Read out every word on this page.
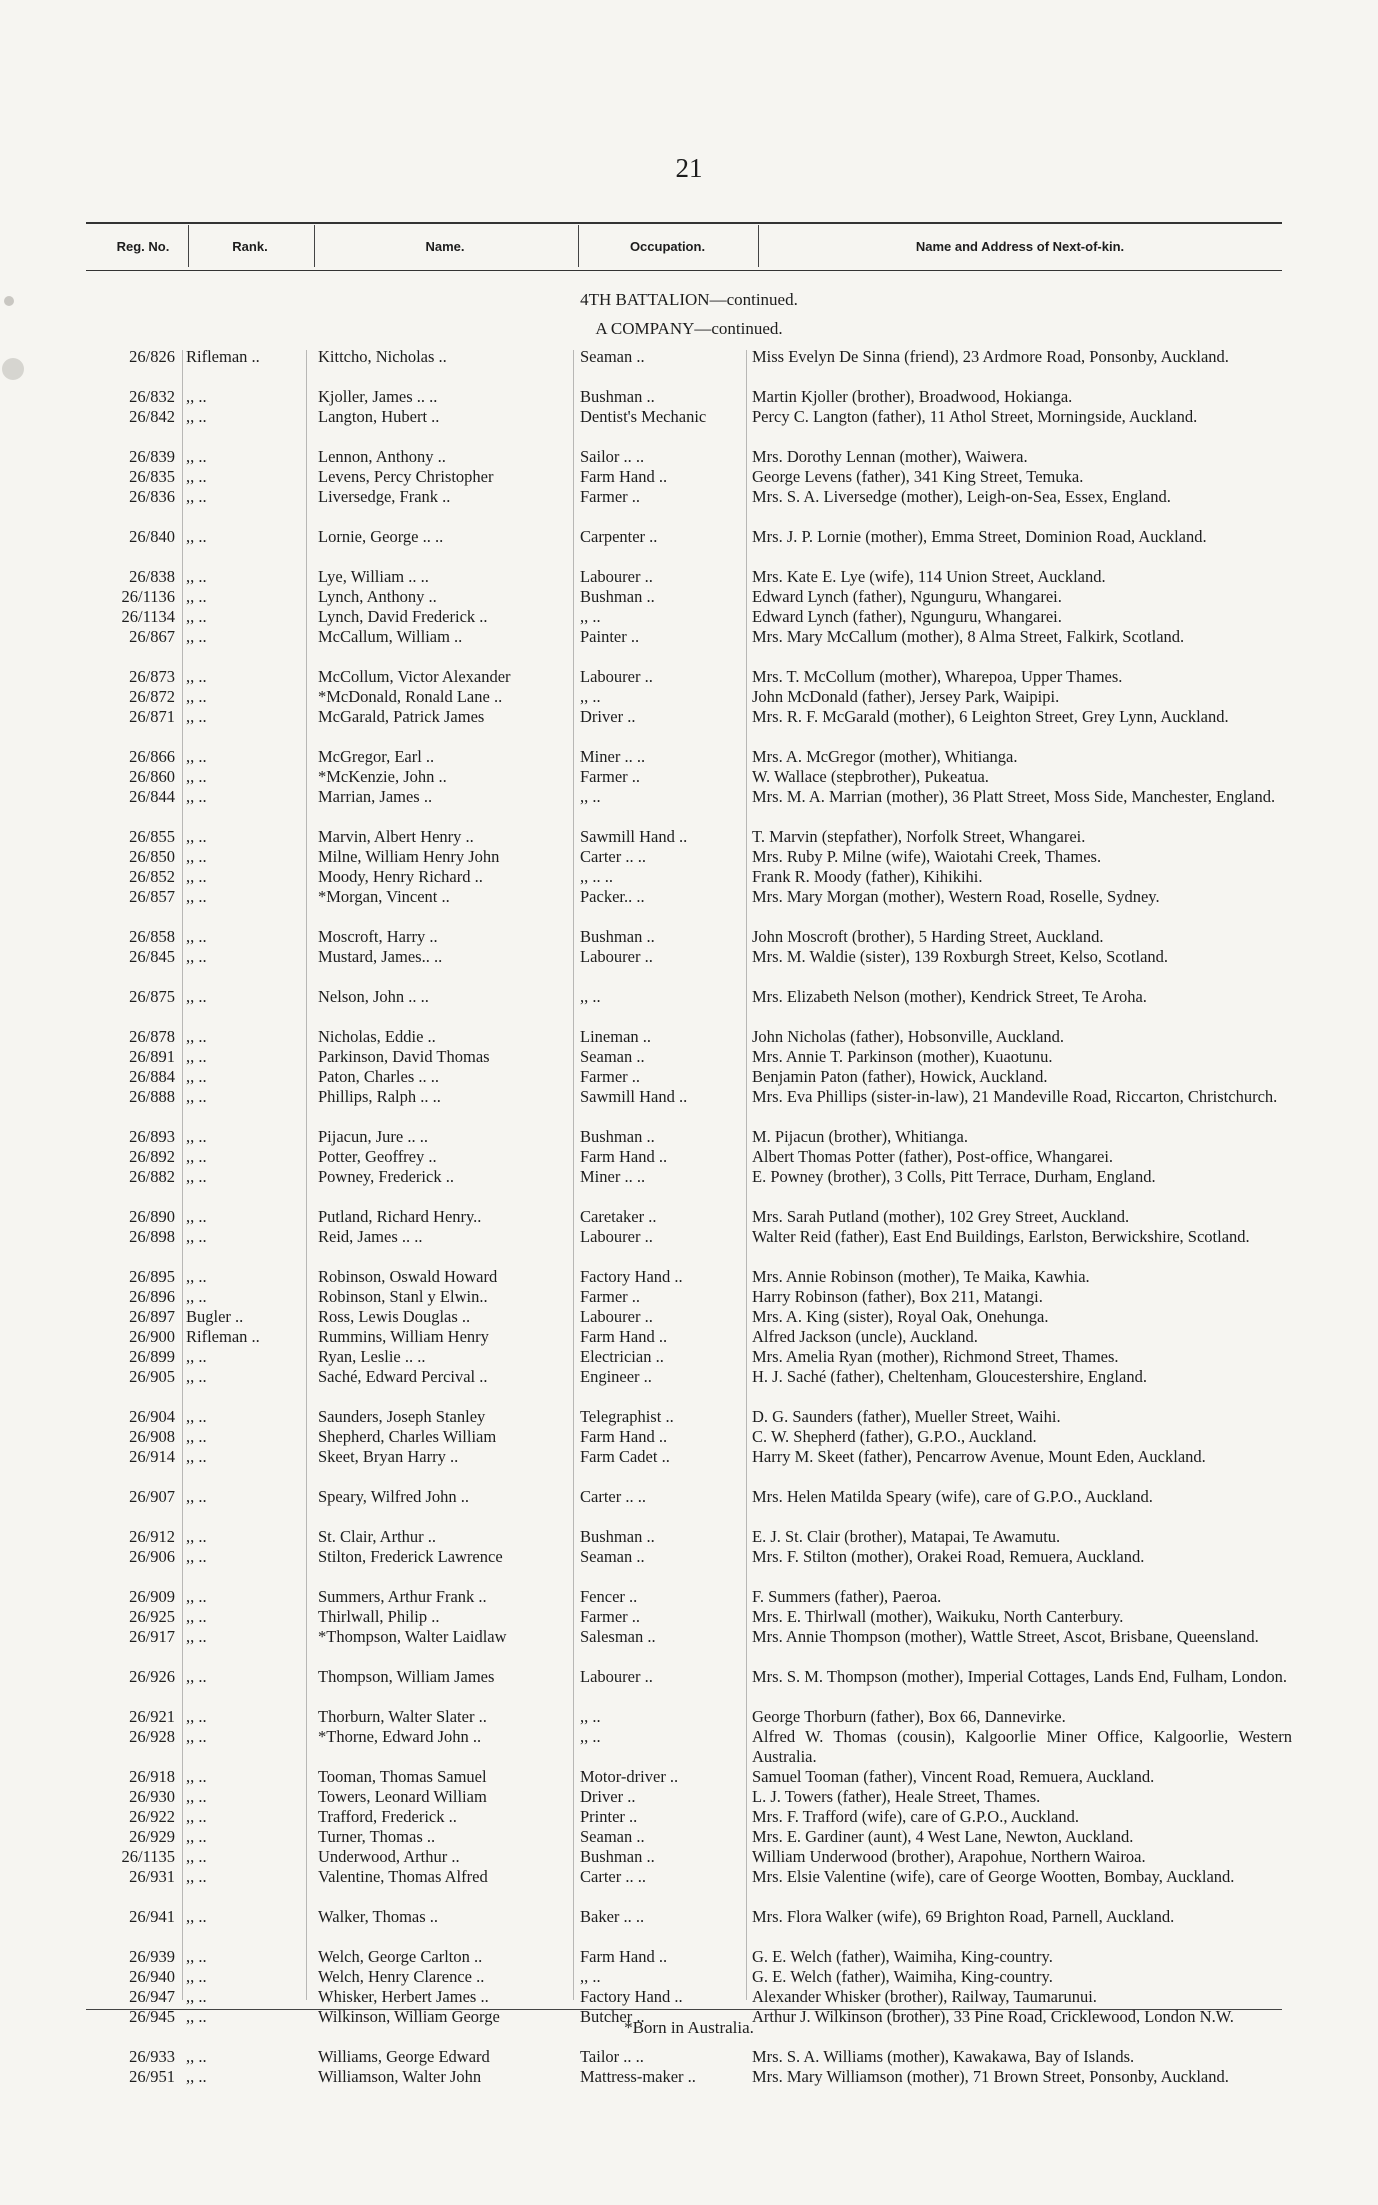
21
Reg. No.	Rank.	Name.	Occupation.	Name and Address of Next-of-kin.
4TH BATTALION—continued.
A COMPANY—continued.
26/826 Rifleman ..	Kittcho, Nicholas ..	Seaman ..	Miss Evelyn De Sinna (friend), 23 Ardmore Road, Ponsonby, Auckland.
26/832 ,, ..	Kjoller, James .. ..	Bushman ..	Martin Kjoller (brother), Broadwood, Hokianga.
26/842 ,, ..	Langton, Hubert ..	Dentist's Mechanic	Percy C. Langton (father), 11 Athol Street, Morningside, Auckland.
26/839 ,, ..	Lennon, Anthony ..	Sailor .. ..	Mrs. Dorothy Lennan (mother), Waiwera.
26/835 ,, ..	Levens, Percy Christopher	Farm Hand ..	George Levens (father), 341 King Street, Temuka.
26/836 ,, ..	Liversedge, Frank ..	Farmer ..	Mrs. S. A. Liversedge (mother), Leigh-on-Sea, Essex, England.
26/840 ,, ..	Lornie, George .. ..	Carpenter ..	Mrs. J. P. Lornie (mother), Emma Street, Dominion Road, Auckland.
26/838 ,, ..	Lye, William .. ..	Labourer ..	Mrs. Kate E. Lye (wife), 114 Union Street, Auckland.
26/1136 ,, ..	Lynch, Anthony ..	Bushman ..	Edward Lynch (father), Ngunguru, Whangarei.
26/1134 ,, ..	Lynch, David Frederick ..	,, ..	Edward Lynch (father), Ngunguru, Whangarei.
26/867 ,, ..	McCallum, William ..	Painter ..	Mrs. Mary McCallum (mother), 8 Alma Street, Falkirk, Scotland.
26/873 ,, ..	McCollum, Victor Alexander	Labourer ..	Mrs. T. McCollum (mother), Wharepoa, Upper Thames.
26/872 ,, ..	*McDonald, Ronald Lane ..	,, ..	John McDonald (father), Jersey Park, Waipipi.
26/871 ,, ..	McGarald, Patrick James	Driver ..	Mrs. R. F. McGarald (mother), 6 Leighton Street, Grey Lynn, Auckland.
26/866 ,, ..	McGregor, Earl ..	Miner .. ..	Mrs. A. McGregor (mother), Whitianga.
26/860 ,, ..	*McKenzie, John ..	Farmer ..	W. Wallace (stepbrother), Pukeatua.
26/844 ,, ..	Marrian, James ..	,, ..	Mrs. M. A. Marrian (mother), 36 Platt Street, Moss Side, Manchester, England.
26/855 ,, ..	Marvin, Albert Henry ..	Sawmill Hand ..	T. Marvin (stepfather), Norfolk Street, Whangarei.
26/850 ,, ..	Milne, William Henry John	Carter .. ..	Mrs. Ruby P. Milne (wife), Waiotahi Creek, Thames.
26/852 ,, ..	Moody, Henry Richard ..	,, .. ..	Frank R. Moody (father), Kihikihi.
26/857 ,, ..	*Morgan, Vincent ..	Packer.. ..	Mrs. Mary Morgan (mother), Western Road, Roselle, Sydney.
26/858 ,, ..	Moscroft, Harry ..	Bushman ..	John Moscroft (brother), 5 Harding Street, Auckland.
26/845 ,, ..	Mustard, James.. ..	Labourer ..	Mrs. M. Waldie (sister), 139 Roxburgh Street, Kelso, Scotland.
26/875 ,, ..	Nelson, John .. ..	,, ..	Mrs. Elizabeth Nelson (mother), Kendrick Street, Te Aroha.
26/878 ,, ..	Nicholas, Eddie ..	Lineman ..	John Nicholas (father), Hobsonville, Auckland.
26/891 ,, ..	Parkinson, David Thomas	Seaman ..	Mrs. Annie T. Parkinson (mother), Kuaotunu.
26/884 ,, ..	Paton, Charles .. ..	Farmer ..	Benjamin Paton (father), Howick, Auckland.
26/888 ,, ..	Phillips, Ralph .. ..	Sawmill Hand ..	Mrs. Eva Phillips (sister-in-law), 21 Mandeville Road, Riccarton, Christchurch.
26/893 ,, ..	Pijacun, Jure .. ..	Bushman ..	M. Pijacun (brother), Whitianga.
26/892 ,, ..	Potter, Geoffrey ..	Farm Hand ..	Albert Thomas Potter (father), Post-office, Whangarei.
26/882 ,, ..	Powney, Frederick ..	Miner .. ..	E. Powney (brother), 3 Colls, Pitt Terrace, Durham, England.
26/890 ,, ..	Putland, Richard Henry..	Caretaker ..	Mrs. Sarah Putland (mother), 102 Grey Street, Auckland.
26/898 ,, ..	Reid, James .. ..	Labourer ..	Walter Reid (father), East End Buildings, Earlston, Berwickshire, Scotland.
26/895 ,, ..	Robinson, Oswald Howard	Factory Hand ..	Mrs. Annie Robinson (mother), Te Maika, Kawhia.
26/896 ,, ..	Robinson, Stanl y Elwin..	Farmer ..	Harry Robinson (father), Box 211, Matangi.
26/897 Bugler ..	Ross, Lewis Douglas ..	Labourer ..	Mrs. A. King (sister), Royal Oak, Onehunga.
26/900 Rifleman ..	Rummins, William Henry	Farm Hand ..	Alfred Jackson (uncle), Auckland.
26/899 ,, ..	Ryan, Leslie .. ..	Electrician ..	Mrs. Amelia Ryan (mother), Richmond Street, Thames.
26/905 ,, ..	Saché, Edward Percival ..	Engineer ..	H. J. Saché (father), Cheltenham, Gloucestershire, England.
26/904 ,, ..	Saunders, Joseph Stanley	Telegraphist ..	D. G. Saunders (father), Mueller Street, Waihi.
26/908 ,, ..	Shepherd, Charles William	Farm Hand ..	C. W. Shepherd (father), G.P.O., Auckland.
26/914 ,, ..	Skeet, Bryan Harry ..	Farm Cadet ..	Harry M. Skeet (father), Pencarrow Avenue, Mount Eden, Auckland.
26/907 ,, ..	Speary, Wilfred John ..	Carter .. ..	Mrs. Helen Matilda Speary (wife), care of G.P.O., Auckland.
26/912 ,, ..	St. Clair, Arthur ..	Bushman ..	E. J. St. Clair (brother), Matapai, Te Awamutu.
26/906 ,, ..	Stilton, Frederick Lawrence	Seaman ..	Mrs. F. Stilton (mother), Orakei Road, Remuera, Auckland.
26/909 ,, ..	Summers, Arthur Frank ..	Fencer ..	F. Summers (father), Paeroa.
26/925 ,, ..	Thirlwall, Philip ..	Farmer ..	Mrs. E. Thirlwall (mother), Waikuku, North Canterbury.
26/917 ,, ..	*Thompson, Walter Laidlaw	Salesman ..	Mrs. Annie Thompson (mother), Wattle Street, Ascot, Brisbane, Queensland.
26/926 ,, ..	Thompson, William James	Labourer ..	Mrs. S. M. Thompson (mother), Imperial Cottages, Lands End, Fulham, London.
26/921 ,, ..	Thorburn, Walter Slater ..	,, ..	George Thorburn (father), Box 66, Dannevirke.
26/928 ,, ..	*Thorne, Edward John ..	,, ..	Alfred W. Thomas (cousin), Kalgoorlie Miner Office, Kalgoorlie, Western Australia.
26/918 ,, ..	Tooman, Thomas Samuel	Motor-driver ..	Samuel Tooman (father), Vincent Road, Remuera, Auckland.
26/930 ,, ..	Towers, Leonard William	Driver ..	L. J. Towers (father), Heale Street, Thames.
26/922 ,, ..	Trafford, Frederick ..	Printer ..	Mrs. F. Trafford (wife), care of G.P.O., Auckland.
26/929 ,, ..	Turner, Thomas ..	Seaman ..	Mrs. E. Gardiner (aunt), 4 West Lane, Newton, Auckland.
26/1135 ,, ..	Underwood, Arthur ..	Bushman ..	William Underwood (brother), Arapohue, Northern Wairoa.
26/931 ,, ..	Valentine, Thomas Alfred	Carter .. ..	Mrs. Elsie Valentine (wife), care of George Wootten, Bombay, Auckland.
26/941 ,, ..	Walker, Thomas ..	Baker .. ..	Mrs. Flora Walker (wife), 69 Brighton Road, Parnell, Auckland.
26/939 ,, ..	Welch, George Carlton ..	Farm Hand ..	G. E. Welch (father), Waimiha, King-country.
26/940 ,, ..	Welch, Henry Clarence ..	,, ..	G. E. Welch (father), Waimiha, King-country.
26/947 ,, ..	Whisker, Herbert James ..	Factory Hand ..	Alexander Whisker (brother), Railway, Taumarunui.
26/945 ,, ..	Wilkinson, William George	Butcher ..	Arthur J. Wilkinson (brother), 33 Pine Road, Cricklewood, London N.W.
26/933 ,, ..	Williams, George Edward	Tailor .. ..	Mrs. S. A. Williams (mother), Kawakawa, Bay of Islands.
26/951 ,, ..	Williamson, Walter John	Mattress-maker ..	Mrs. Mary Williamson (mother), 71 Brown Street, Ponsonby, Auckland.
*Born in Australia.
